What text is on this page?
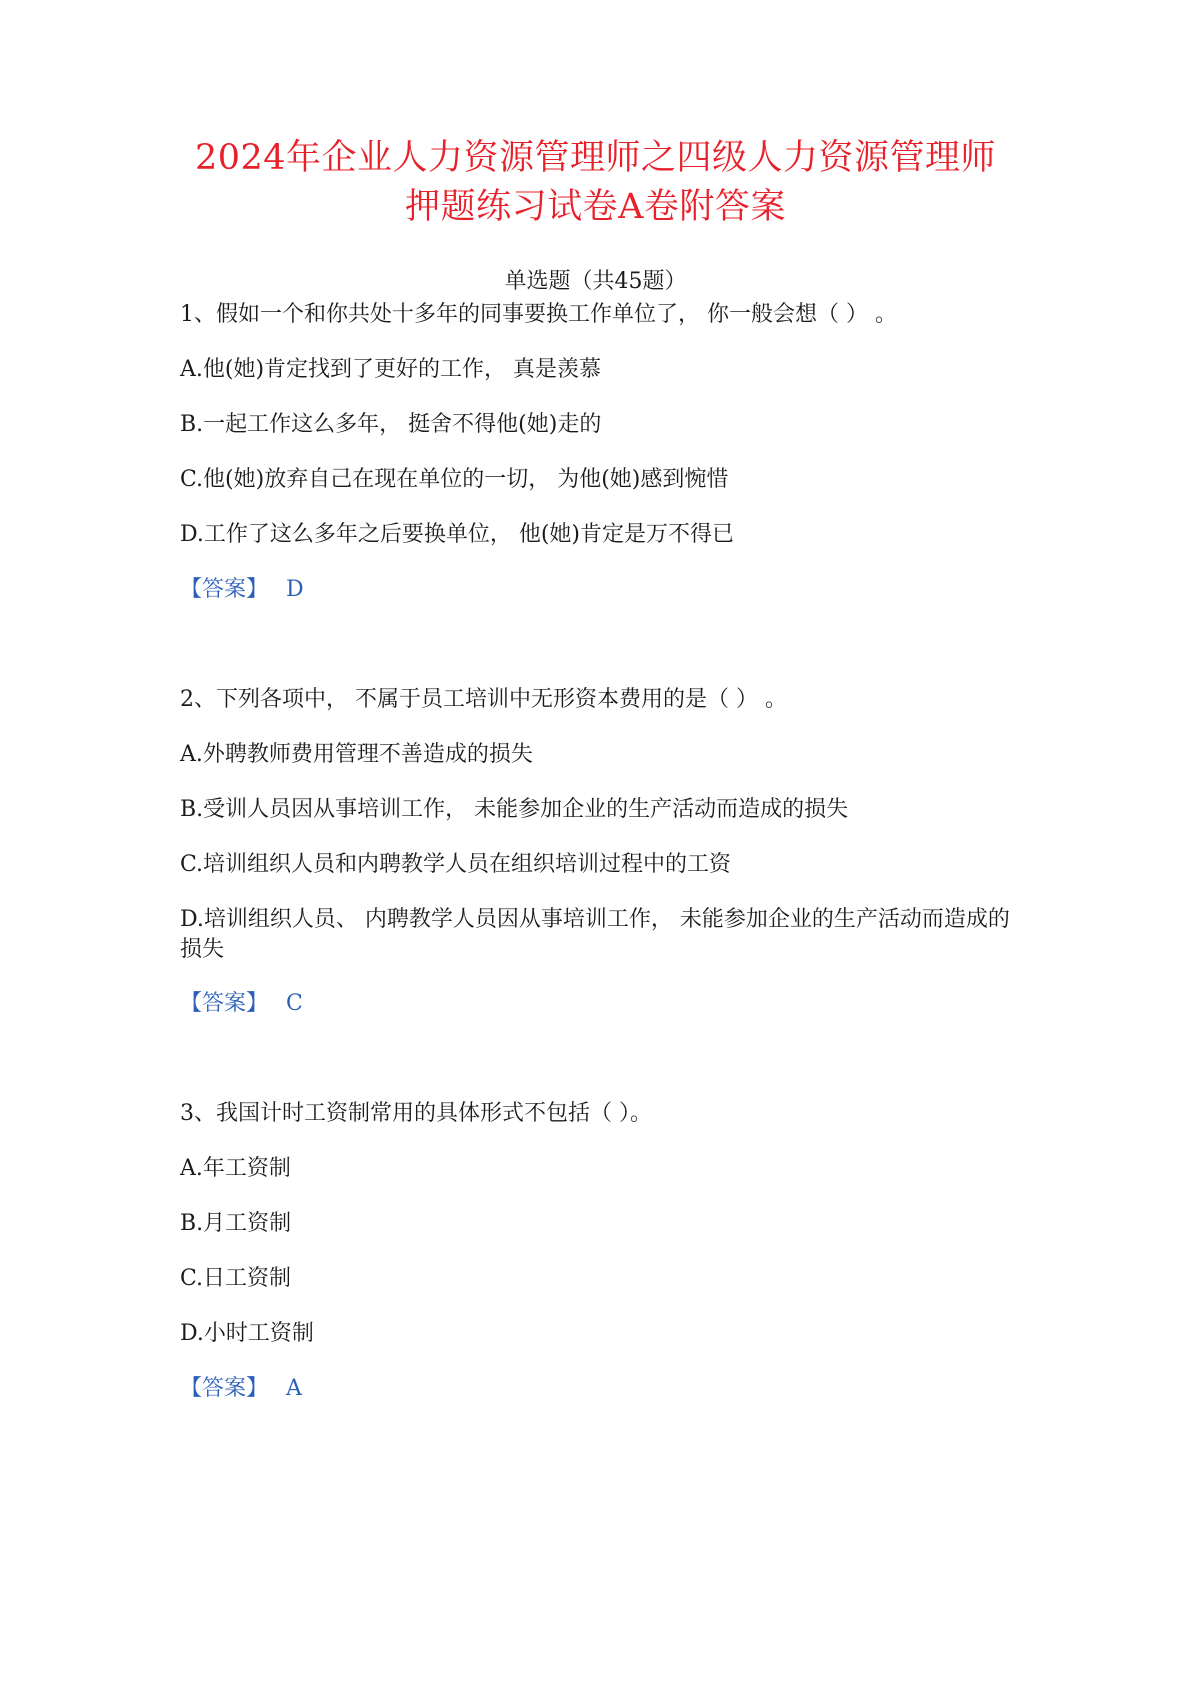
2024年企业人力资源管理师之四级人力资源管理师
押题练习试卷A卷附答案
单选题（共45题）
1、假如一个和你共处十多年的同事要换工作单位了， 你一般会想（ ） 。
A.他(她)肯定找到了更好的工作， 真是羡慕
B.一起工作这么多年， 挺舍不得他(她)走的
C.他(她)放弃自己在现在单位的一切， 为他(她)感到惋惜
D.工作了这么多年之后要换单位， 他(她)肯定是万不得已
【答案】 D
2、下列各项中， 不属于员工培训中无形资本费用的是（ ） 。
A.外聘教师费用管理不善造成的损失
B.受训人员因从事培训工作， 未能参加企业的生产活动而造成的损失
C.培训组织人员和内聘教学人员在组织培训过程中的工资
D.培训组织人员、 内聘教学人员因从事培训工作， 未能参加企业的生产活动而造成的损失
【答案】 C
3、我国计时工资制常用的具体形式不包括（ ）。
A.年工资制
B.月工资制
C.日工资制
D.小时工资制
【答案】 A
